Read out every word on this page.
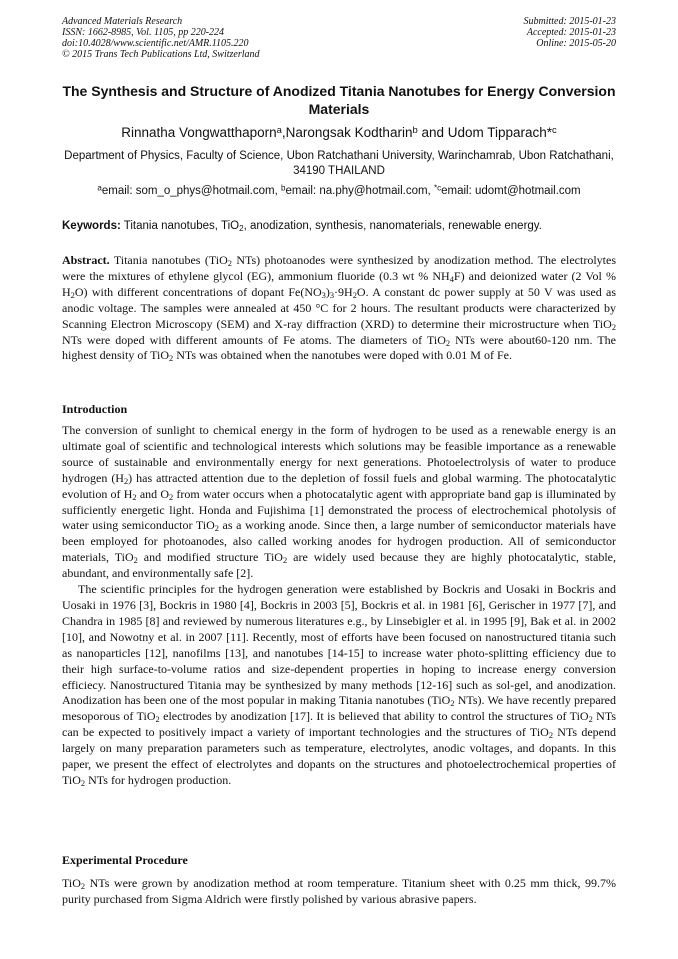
Advanced Materials Research
ISSN: 1662-8985, Vol. 1105, pp 220-224
doi:10.4028/www.scientific.net/AMR.1105.220
© 2015 Trans Tech Publications Ltd, Switzerland
Submitted: 2015-01-23
Accepted: 2015-01-23
Online: 2015-05-20
The Synthesis and Structure of Anodized Titania Nanotubes for Energy Conversion Materials
Rinnatha Vongwatthaporn$^a$,Narongsak Kodtharin$^b$ and Udom Tipparach*$^c$
Department of Physics, Faculty of Science, Ubon Ratchathani University, Warinchamrab, Ubon Ratchathani, 34190 THAILAND
$^a$email: som_o_phys@hotmail.com, $^b$email: na.phy@hotmail.com, $^{*c}$email: udomt@hotmail.com
Keywords: Titania nanotubes, TiO$_2$, anodization, synthesis, nanomaterials, renewable energy.
Abstract. Titania nanotubes (TiO$_2$ NTs) photoanodes were synthesized by anodization method. The electrolytes were the mixtures of ethylene glycol (EG), ammonium fluoride (0.3 wt % $NH_4F$) and deionized water (2 Vol % $H_2O$) with different concentrations of dopant $Fe(NO_3)_3\cdot 9H_2O$. A constant dc power supply at 50 V was used as anodic voltage. The samples were annealed at 450 °C for 2 hours. The resultant products were characterized by Scanning Electron Microscopy (SEM) and X-ray diffraction (XRD) to determine their microstructure when TiO$_2$ NTs were doped with different amounts of Fe atoms. The diameters of TiO$_2$ NTs were about60-120 nm. The highest density of TiO$_2$ NTs was obtained when the nanotubes were doped with 0.01 M of Fe.
Introduction

The conversion of sunlight to chemical energy in the form of hydrogen to be used as a renewable energy is an ultimate goal of scientific and technological interests which solutions may be feasible importance as a renewable source of sustainable and environmentally energy for next generations. Photoelectrolysis of water to produce hydrogen $(H_2)$ has attracted attention due to the depletion of fossil fuels and global warming. The photocatalytic evolution of $H_2$ and $O_2$ from water occurs when a photocatalytic agent with appropriate band gap is illuminated by sufficiently energetic light. Honda and Fujishima [1] demonstrated the process of electrochemical photolysis of water using semiconductor TiO$_2$ as a working anode. Since then, a large number of semiconductor materials have been employed for photoanodes, also called working anodes for hydrogen production. All of semiconductor materials, TiO$_2$ and modified structure TiO$_2$ are widely used because they are highly photocatalytic, stable, abundant, and environmentally safe [2].

The scientific principles for the hydrogen generation were established by Bockris and Uosaki in Bockris and Uosaki in 1976 [3], Bockris in 1980 [4], Bockris in 2003 [5], Bockris et al. in 1981 [6], Gerischer in 1977 [7], and Chandra in 1985 [8] and reviewed by numerous literatures e.g., by Linsebigler et al. in 1995 [9], Bak et al. in 2002 [10], and Nowotny et al. in 2007 [11]. Recently, most of efforts have been focused on nanostructured titania such as nanoparticles [12], nanofilms [13], and nanotubes [14-15] to increase water photo-splitting efficiency due to their high surface-to-volume ratios and size-dependent properties in hoping to increase energy conversion efficiecy. Nanostructured Titania may be synthesized by many methods [12-16] such as sol-gel, and anodization. Anodization has been one of the most popular in making Titania nanotubes (TiO$_2$ NTs). We have recently prepared mesoporous of TiO$_2$ electrodes by anodization [17]. It is believed that ability to control the structures of TiO$_2$ NTs can be expected to positively impact a variety of important technologies and the structures of TiO$_2$ NTs depend largely on many preparation parameters such as temperature, electrolytes, anodic voltages, and dopants. In this paper, we present the effect of electrolytes and dopants on the structures and photoelectrochemical properties of TiO$_2$ NTs for hydrogen production.

Experimental Procedure

TiO$_2$ NTs were grown by anodization method at room temperature. Titanium sheet with 0.25 mm thick, 99.7% purity purchased from Sigma Aldrich were firstly polished by various abrasive papers.
